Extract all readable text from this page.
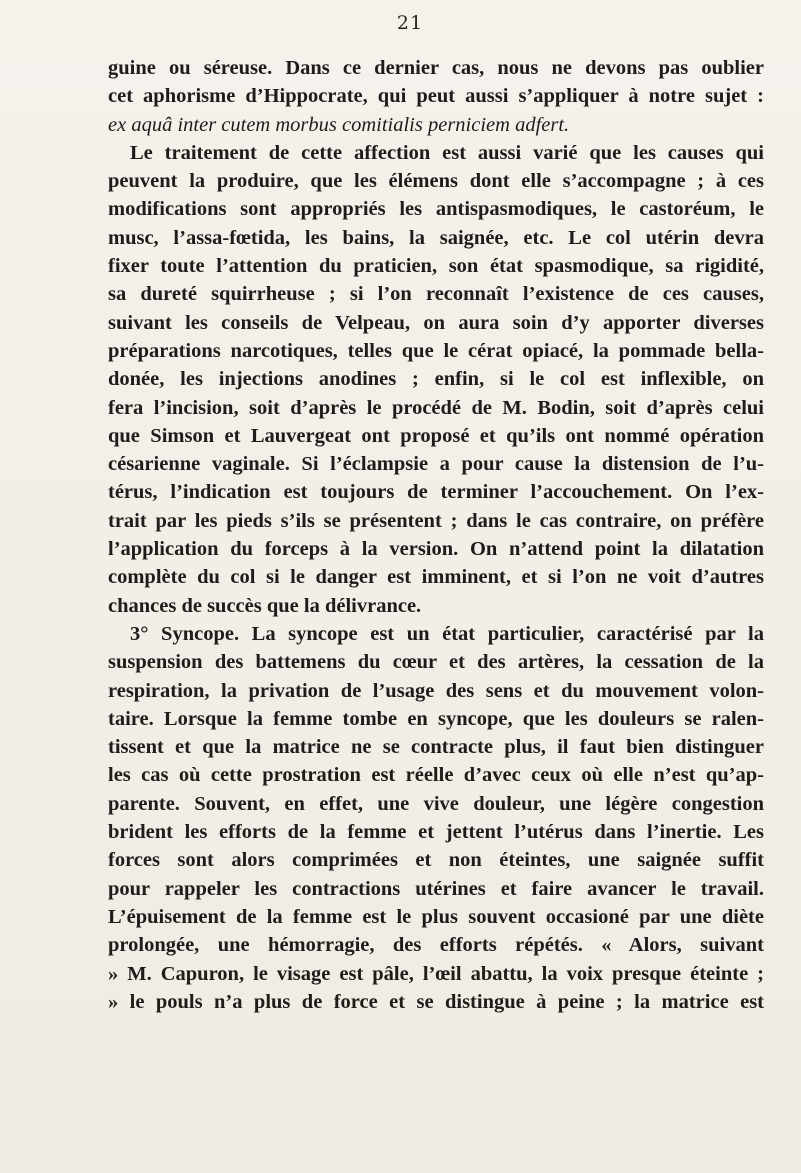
21
guine ou séreuse. Dans ce dernier cas, nous ne devons pas oublier
cet aphorisme d’Hippocrate, qui peut aussi s’appliquer à notre sujet :
ex aquâ inter cutem morbus comitialis perniciem adfert.
Le traitement de cette affection est aussi varié que les causes qui
peuvent la produire, que les élémens dont elle s’accompagne ; à ces
modifications sont appropriés les antispasmodiques, le castoréum, le
musc, l’assa-fœtida, les bains, la saignée, etc. Le col utérin devra
fixer toute l’attention du praticien, son état spasmodique, sa rigidité,
sa dureté squirrheuse ; si l’on reconnaît l’existence de ces causes,
suivant les conseils de Velpeau, on aura soin d’y apporter diverses
préparations narcotiques, telles que le cérat opiacé, la pommade bella-
donée, les injections anodines ; enfin, si le col est inflexible, on
fera l’incision, soit d’après le procédé de M. Bodin, soit d’après celui
que Simson et Lauvergeat ont proposé et qu’ils ont nommé opération
césarienne vaginale. Si l’éclampsie a pour cause la distension de l’u-
térus, l’indication est toujours de terminer l’accouchement. On l’ex-
trait par les pieds s’ils se présentent ; dans le cas contraire, on préfère
l’application du forceps à la version. On n’attend point la dilatation
complète du col si le danger est imminent, et si l’on ne voit d’autres
chances de succès que la délivrance.
3° Syncope. La syncope est un état particulier, caractérisé par la
suspension des battemens du cœur et des artères, la cessation de la
respiration, la privation de l’usage des sens et du mouvement volon-
taire. Lorsque la femme tombe en syncope, que les douleurs se ralen-
tissent et que la matrice ne se contracte plus, il faut bien distinguer
les cas où cette prostration est réelle d’avec ceux où elle n’est qu’ap-
parente. Souvent, en effet, une vive douleur, une légère congestion
brident les efforts de la femme et jettent l’utérus dans l’inertie. Les
forces sont alors comprimées et non éteintes, une saignée suffit
pour rappeler les contractions utérines et faire avancer le travail.
L’épuisement de la femme est le plus souvent occasioné par une diète
prolongée, une hémorragie, des efforts répétés. « Alors, suivant
» M. Capuron, le visage est pâle, l’œil abattu, la voix presque éteinte ;
» le pouls n’a plus de force et se distingue à peine ; la matrice est
